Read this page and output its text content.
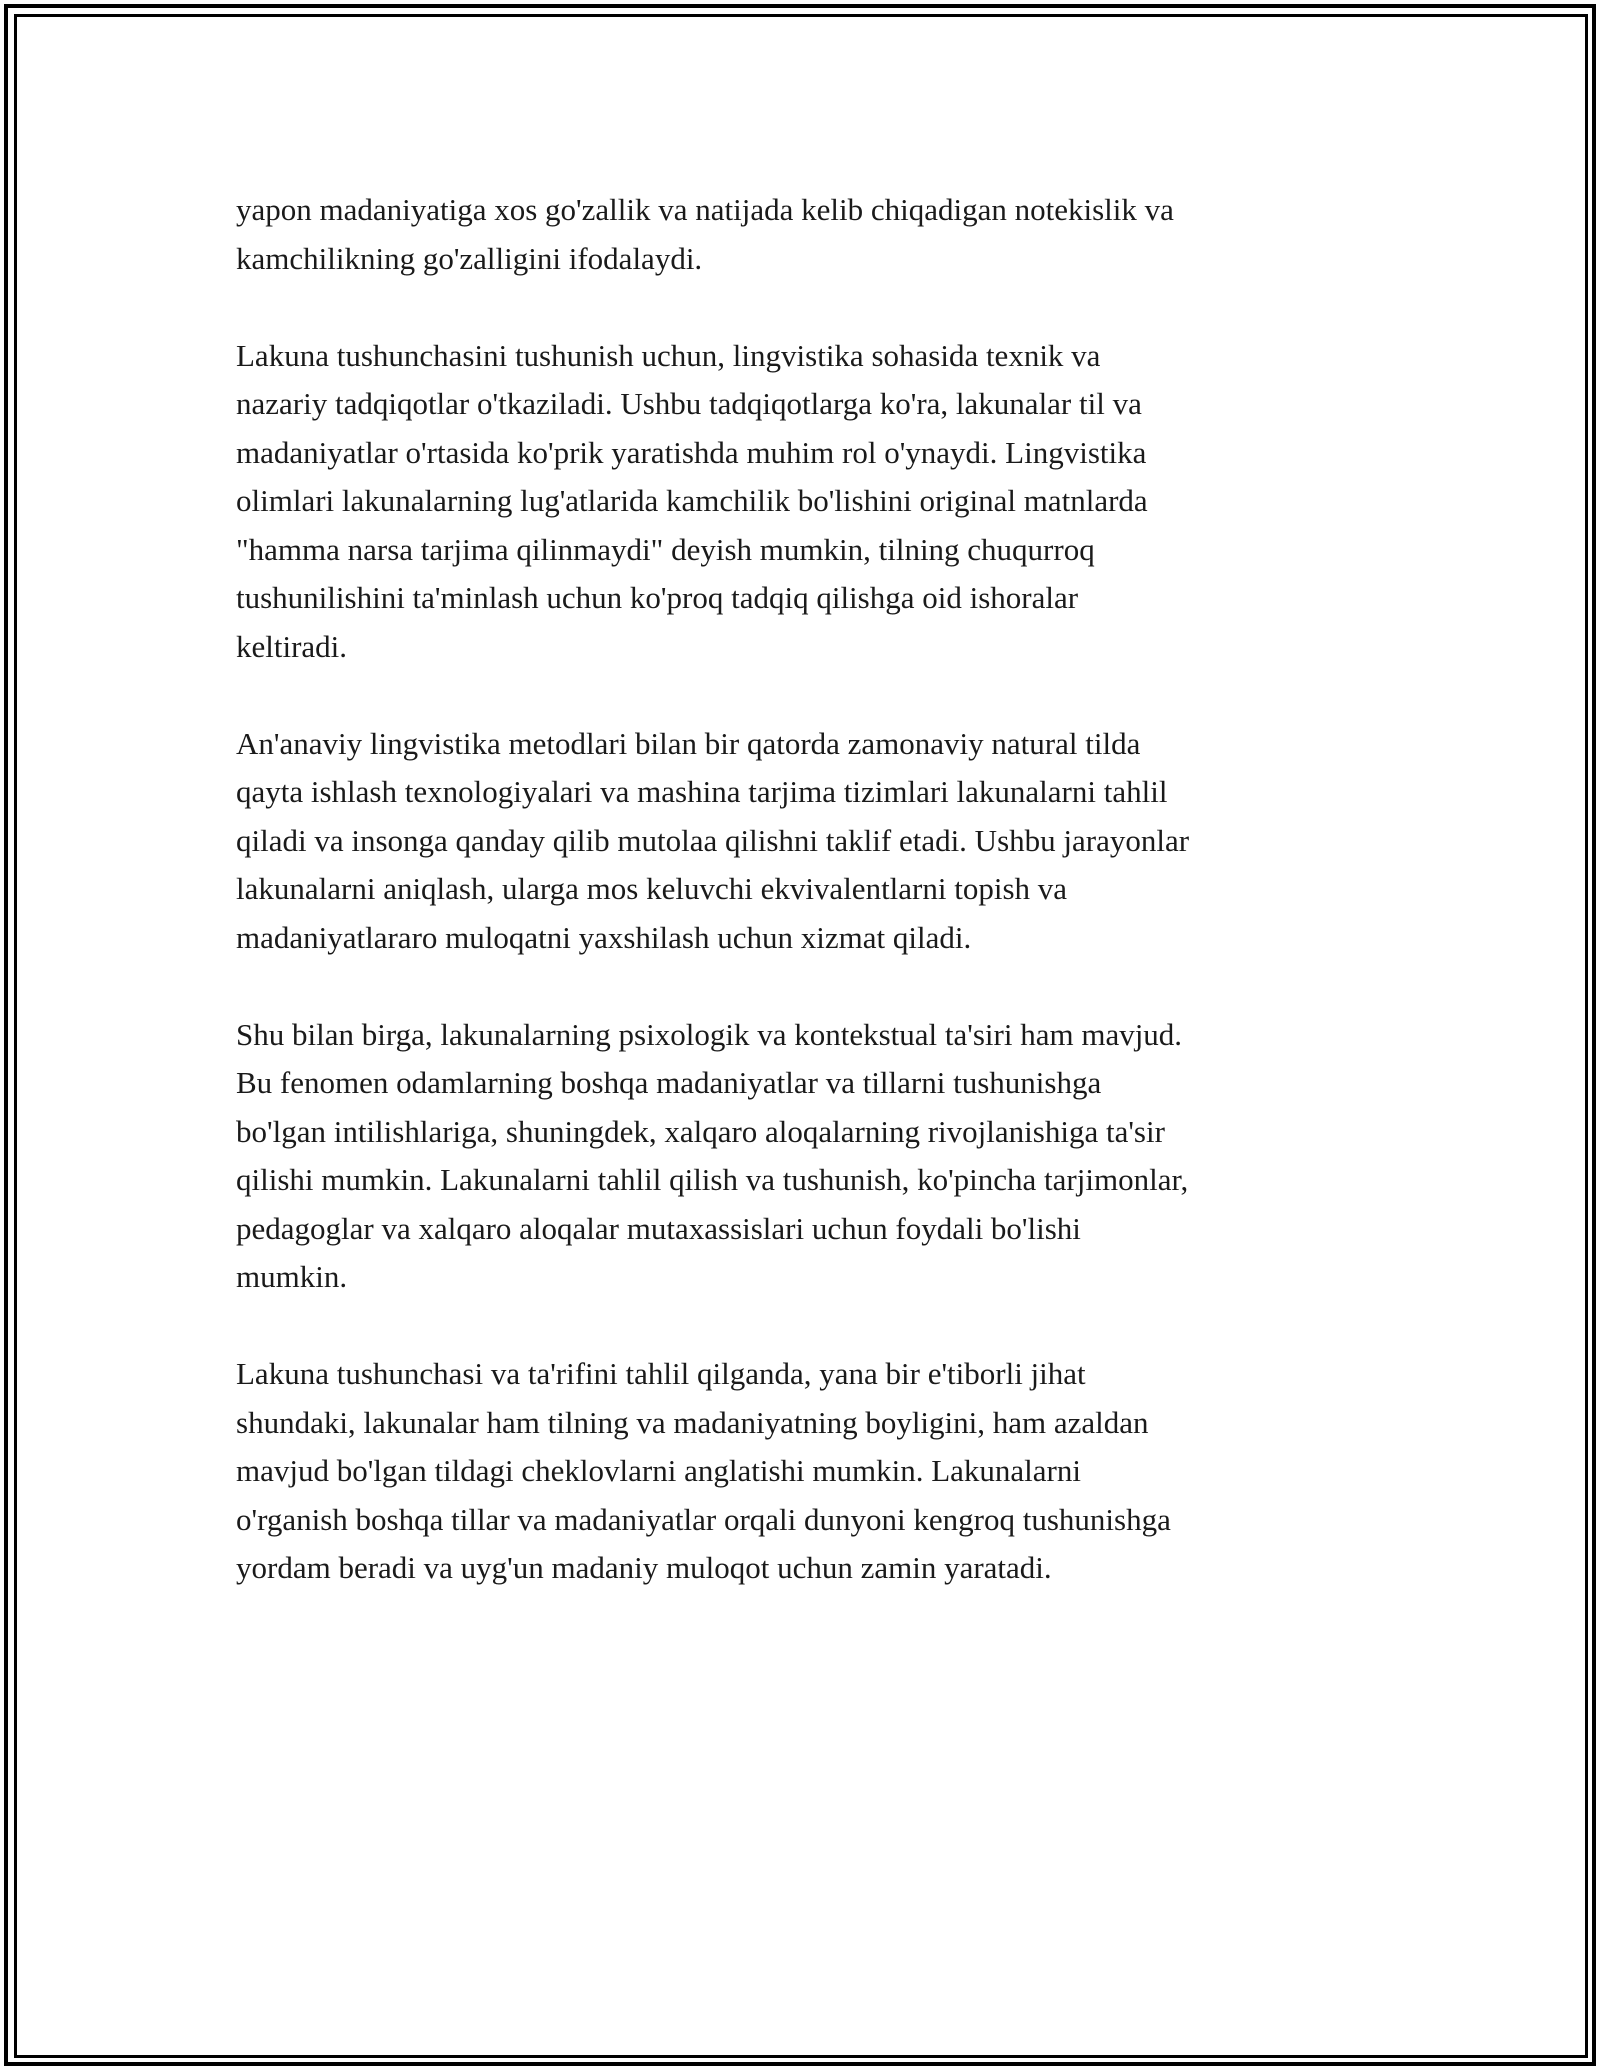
yapon madaniyatiga xos go'zallik va natijada kelib chiqadigan notekislik va
kamchilikning go'zalligini ifodalaydi.

Lakuna tushunchasini tushunish uchun, lingvistika sohasida texnik va
nazariy tadqiqotlar o'tkaziladi. Ushbu tadqiqotlarga ko'ra, lakunalar til va
madaniyatlar o'rtasida ko'prik yaratishda muhim rol o'ynaydi. Lingvistika
olimlari lakunalarning lug'atlarida kamchilik bo'lishini original matnlarda
"hamma narsa tarjima qilinmaydi" deyish mumkin, tilning chuqurroq
tushunilishini ta'minlash uchun ko'proq tadqiq qilishga oid ishoralar
keltiradi.

An'anaviy lingvistika metodlari bilan bir qatorda zamonaviy natural tilda
qayta ishlash texnologiyalari va mashina tarjima tizimlari lakunalarni tahlil
qiladi va insonga qanday qilib mutolaa qilishni taklif etadi. Ushbu jarayonlar
lakunalarni aniqlash, ularga mos keluvchi ekvivalentlarni topish va
madaniyatlararo muloqatni yaxshilash uchun xizmat qiladi.

Shu bilan birga, lakunalarning psixologik va kontekstual ta'siri ham mavjud.
Bu fenomen odamlarning boshqa madaniyatlar va tillarni tushunishga
bo'lgan intilishlariga, shuningdek, xalqaro aloqalarning rivojlanishiga ta'sir
qilishi mumkin. Lakunalarni tahlil qilish va tushunish, ko'pincha tarjimonlar,
pedagoglar va xalqaro aloqalar mutaxassislari uchun foydali bo'lishi
mumkin.

Lakuna tushunchasi va ta'rifini tahlil qilganda, yana bir e'tiborli jihat
shundaki, lakunalar ham tilning va madaniyatning boyligini, ham azaldan
mavjud bo'lgan tildagi cheklovlarni anglatishi mumkin. Lakunalarni
o'rganish boshqa tillar va madaniyatlar orqali dunyoni kengroq tushunishga
yordam beradi va uyg'un madaniy muloqot uchun zamin yaratadi.
